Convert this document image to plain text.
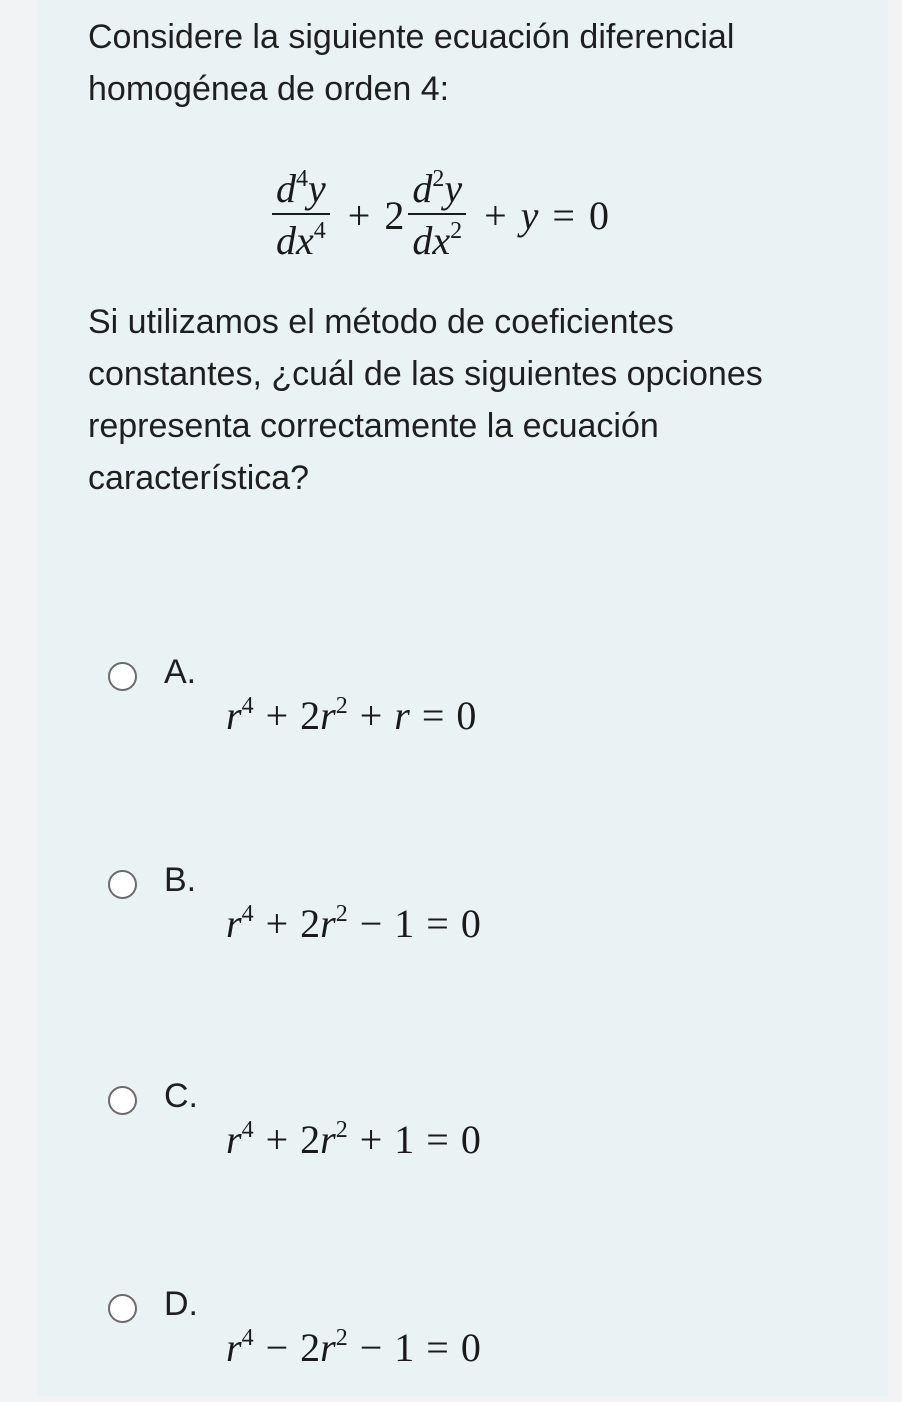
Considere la siguiente ecuación diferencial homogénea de orden 4:
$\frac{d^4y}{dx^4} + 2 \frac{d^2y}{dx^2} + y = 0$
Si utilizamos el método de coeficientes constantes, ¿cuál de las siguientes opciones representa correctamente la ecuación característica?
A.
$r^4 + 2r^2 + r = 0$
B.
$r^4 + 2r^2 - 1 = 0$
C.
$r^4 + 2r^2 + 1 = 0$
D.
$r^4 - 2r^2 - 1 = 0$
